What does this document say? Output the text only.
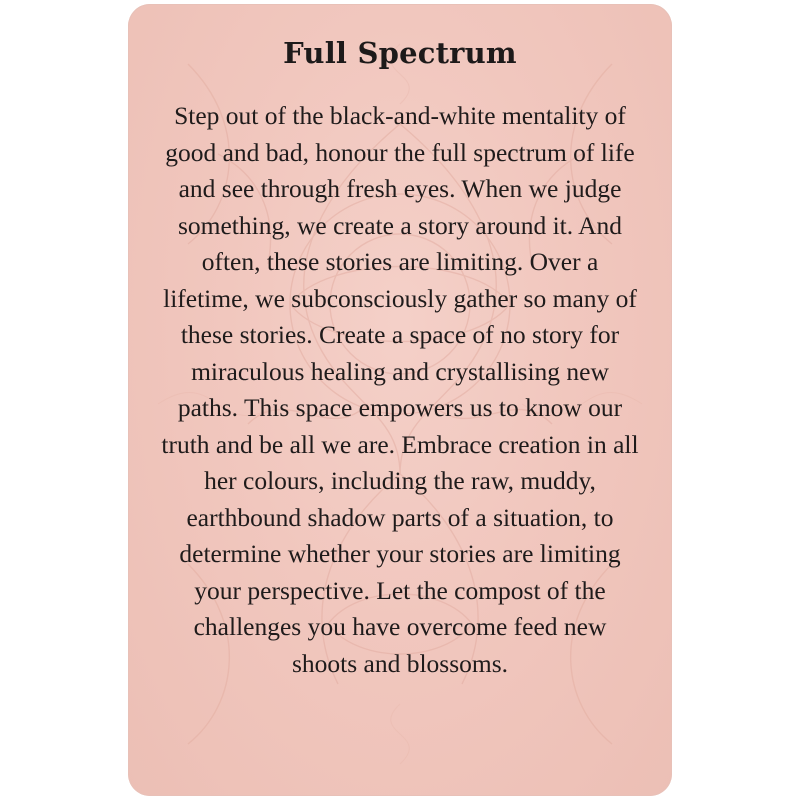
Full Spectrum

Step out of the black-and-white mentality of good and bad, honour the full spectrum of life and see through fresh eyes. When we judge something, we create a story around it. And often, these stories are limiting. Over a lifetime, we subconsciously gather so many of these stories. Create a space of no story for miraculous healing and crystallising new paths. This space empowers us to know our truth and be all we are. Embrace creation in all her colours, including the raw, muddy, earthbound shadow parts of a situation, to determine whether your stories are limiting your perspective. Let the compost of the challenges you have overcome feed new shoots and blossoms.
